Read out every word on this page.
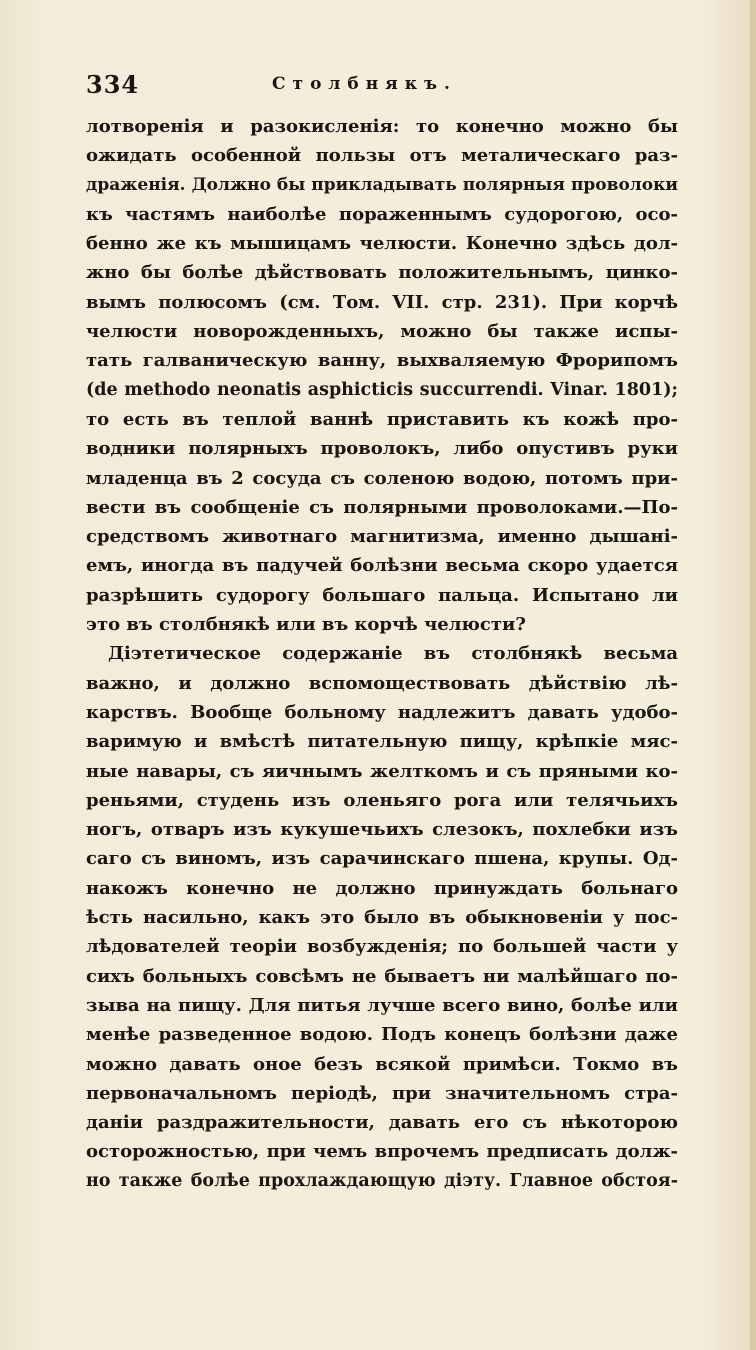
334	Столбнякъ.
лотворенія и разокисленія: то конечно можно бы
ожидать особенной пользы отъ металическаго раз-
драженія. Должно бы прикладывать полярныя проволоки
къ частямъ наиболѣе пораженнымъ судорогою, осо-
бенно же къ мышицамъ челюсти. Конечно здѣсь дол-
жно бы болѣе дѣйствовать положительнымъ, цинко-
вымъ полюсомъ (см. Том. VII. стр. 231). При корчѣ
челюсти новорожденныхъ, можно бы также испы-
тать галваническую ванну, выхваляемую Фрорипомъ
(de methodo neonatis asphicticis succurrendi. Vinar. 1801);
то есть въ теплой ваннѣ приставить къ кожѣ про-
водники полярныхъ проволокъ, либо опустивъ руки
младенца въ 2 сосуда съ соленою водою, потомъ при-
вести въ сообщеніе съ полярными проволоками.—По-
средствомъ животнаго магнитизма, именно дышані-
емъ, иногда въ падучей болѣзни весьма скоро удается
разрѣшить судорогу большаго пальца. Испытано ли
это въ столбнякѣ или въ корчѣ челюсти?
Діэтетическое содержаніе въ столбнякѣ весьма
важно, и должно вспомоществовать дѣйствію лѣ-
карствъ. Вообще больному надлежитъ давать удобо-
варимую и вмѣстѣ питательную пищу, крѣпкіе мяс-
ные навары, съ яичнымъ желткомъ и съ пряными ко-
реньями, студень изъ оленьяго рога или телячьихъ
ногъ, отваръ изъ кукушечьихъ слезокъ, похлебки изъ
саго съ виномъ, изъ сарачинскаго пшена, крупы. Од-
накожъ конечно не должно принуждать больнаго
ѣсть насильно, какъ это было въ обыкновеніи у пос-
лѣдователей теоріи возбужденія; по большей части у
сихъ больныхъ совсѣмъ не бываетъ ни малѣйшаго по-
зыва на пищу. Для питья лучше всего вино, болѣе или
менѣе разведенное водою. Подъ конецъ болѣзни даже
можно давать оное безъ всякой примѣси. Токмо въ
первоначальномъ періодѣ, при значительномъ стра-
даніи раздражительности, давать его съ нѣкоторою
осторожностью, при чемъ впрочемъ предписать долж-
но также болѣе прохлаждающую діэту. Главное обстоя-
